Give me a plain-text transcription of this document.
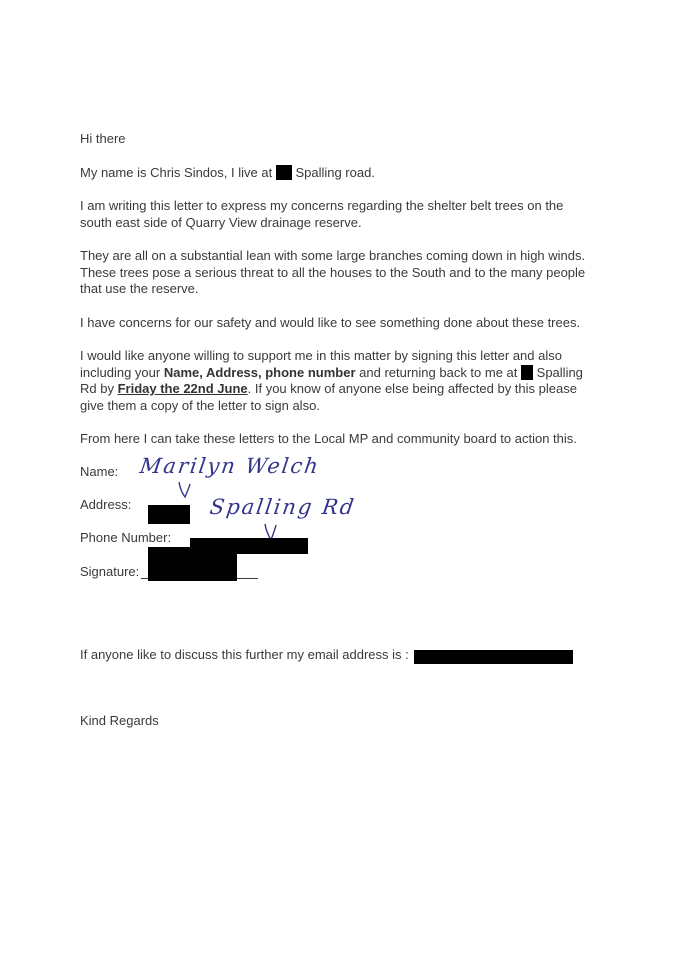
Hi there

My name is Chris Sindos, I live at Spalling road.

I am writing this letter to express my concerns regarding the shelter belt trees on the south east side of Quarry View drainage reserve.

They are all on a substantial lean with some large branches coming down in high winds. These trees pose a serious threat to all the houses to the South and to the many people that use the reserve.

I have concerns for our safety and would like to see something done about these trees.

I would like anyone willing to support me in this matter by signing this letter and also including your Name, Address, phone number and returning back to me at Spalling Rd by Friday the 22nd June. If you know of anyone else being affected by this please give them a copy of the letter to sign also.

From here I can take these letters to the Local MP and community board to action this.

Name: Marilyn Welch

Address:	Spalling Rd

Phone Number:

Signature:

If anyone like to discuss this further my email address is :

Kind Regards
